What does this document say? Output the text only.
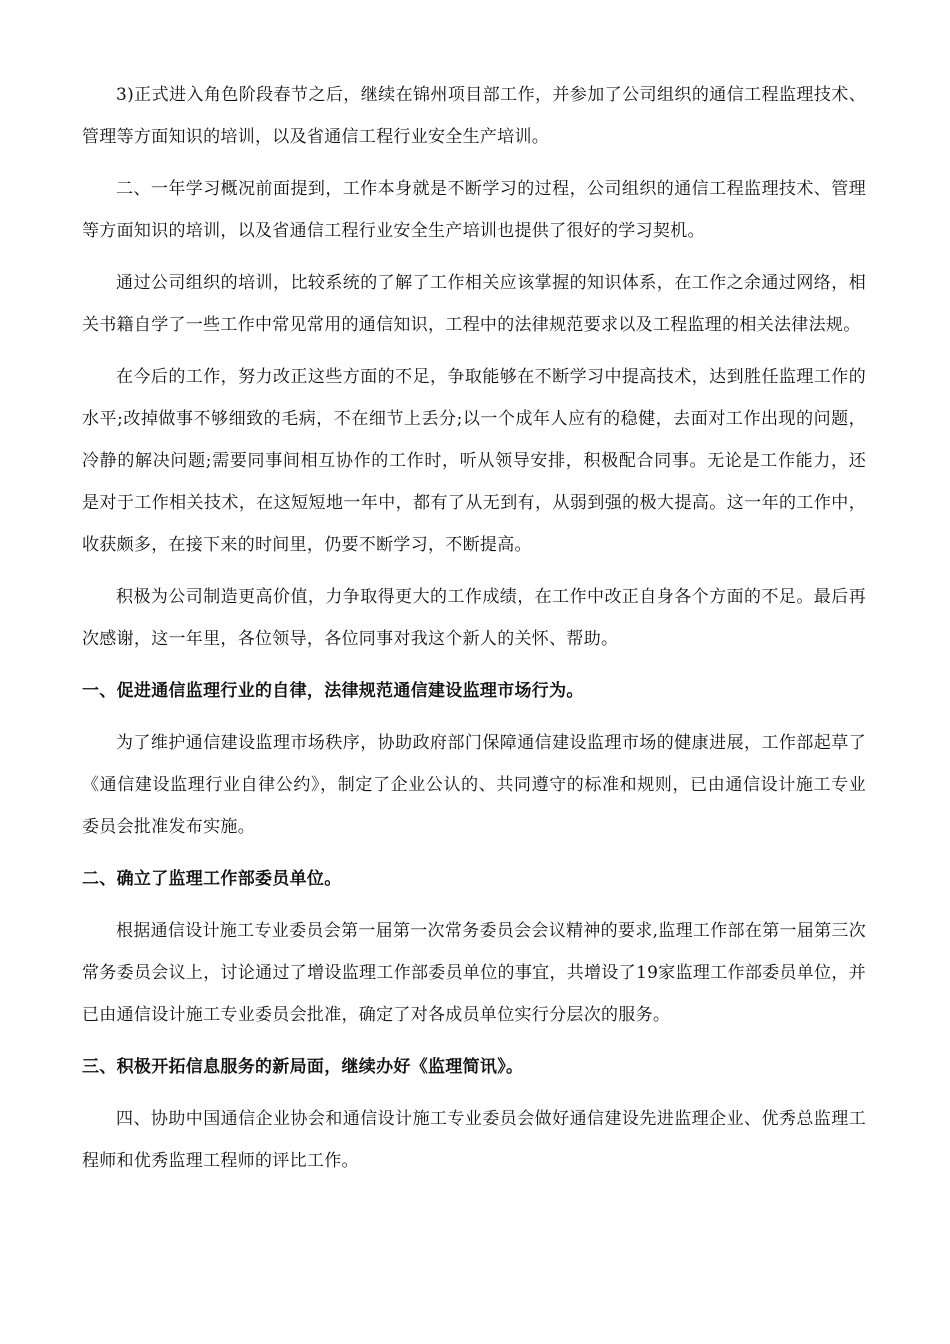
3)正式进入角色阶段春节之后，继续在锦州项目部工作，并参加了公司组织的通信工程监理技术、管理等方面知识的培训，以及省通信工程行业安全生产培训。

二、一年学习概况前面提到，工作本身就是不断学习的过程，公司组织的通信工程监理技术、管理等方面知识的培训，以及省通信工程行业安全生产培训也提供了很好的学习契机。

通过公司组织的培训，比较系统的了解了工作相关应该掌握的知识体系，在工作之余通过网络，相关书籍自学了一些工作中常见常用的通信知识，工程中的法律规范要求以及工程监理的相关法律法规。

在今后的工作，努力改正这些方面的不足，争取能够在不断学习中提高技术，达到胜任监理工作的水平;改掉做事不够细致的毛病，不在细节上丢分;以一个成年人应有的稳健，去面对工作出现的问题，冷静的解决问题;需要同事间相互协作的工作时，听从领导安排，积极配合同事。无论是工作能力，还是对于工作相关技术，在这短短地一年中，都有了从无到有，从弱到强的极大提高。这一年的工作中，收获颇多，在接下来的时间里，仍要不断学习，不断提高。

积极为公司制造更高价值，力争取得更大的工作成绩，在工作中改正自身各个方面的不足。最后再次感谢，这一年里，各位领导，各位同事对我这个新人的关怀、帮助。

一、促进通信监理行业的自律，法律规范通信建设监理市场行为。

为了维护通信建设监理市场秩序，协助政府部门保障通信建设监理市场的健康进展，工作部起草了《通信建设监理行业自律公约》，制定了企业公认的、共同遵守的标准和规则，已由通信设计施工专业委员会批准发布实施。

二、确立了监理工作部委员单位。

根据通信设计施工专业委员会第一届第一次常务委员会会议精神的要求,监理工作部在第一届第三次常务委员会议上，讨论通过了增设监理工作部委员单位的事宜，共增设了19家监理工作部委员单位，并已由通信设计施工专业委员会批准，确定了对各成员单位实行分层次的服务。

三、积极开拓信息服务的新局面，继续办好《监理简讯》。

四、协助中国通信企业协会和通信设计施工专业委员会做好通信建设先进监理企业、优秀总监理工程师和优秀监理工程师的评比工作。
